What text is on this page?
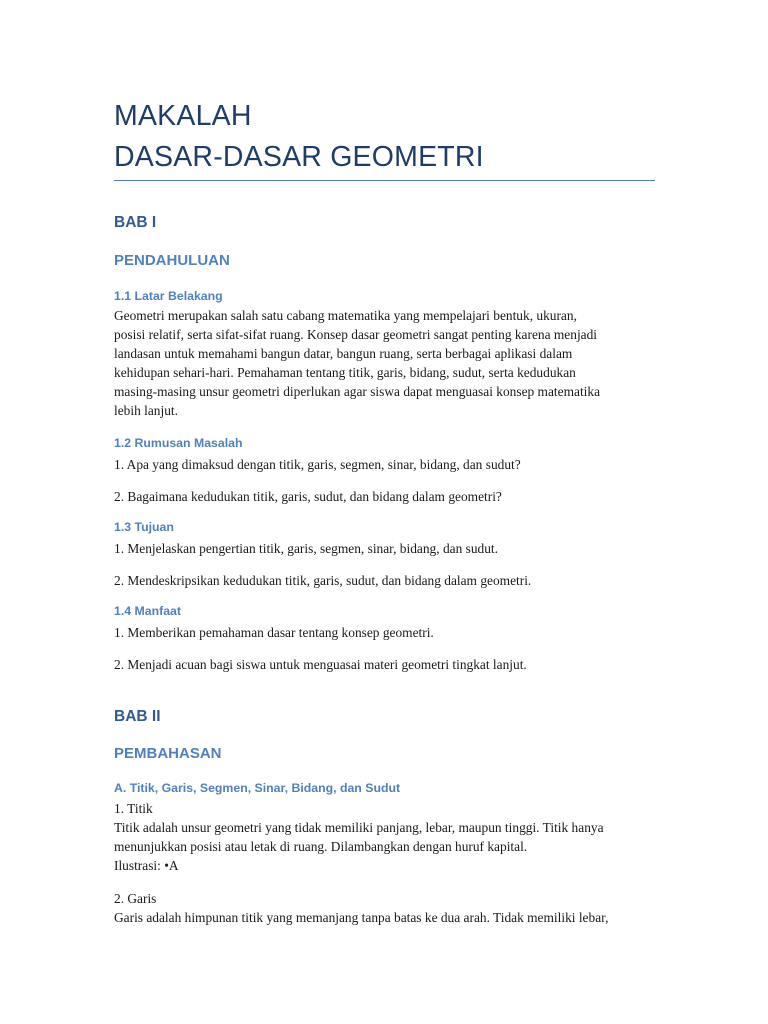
MAKALAH
DASAR-DASAR GEOMETRI
BAB I
PENDAHULUAN
1.1 Latar Belakang
Geometri merupakan salah satu cabang matematika yang mempelajari bentuk, ukuran,
posisi relatif, serta sifat-sifat ruang. Konsep dasar geometri sangat penting karena menjadi
landasan untuk memahami bangun datar, bangun ruang, serta berbagai aplikasi dalam
kehidupan sehari-hari. Pemahaman tentang titik, garis, bidang, sudut, serta kedudukan
masing-masing unsur geometri diperlukan agar siswa dapat menguasai konsep matematika
lebih lanjut.
1.2 Rumusan Masalah
1. Apa yang dimaksud dengan titik, garis, segmen, sinar, bidang, dan sudut?
2. Bagaimana kedudukan titik, garis, sudut, dan bidang dalam geometri?
1.3 Tujuan
1. Menjelaskan pengertian titik, garis, segmen, sinar, bidang, dan sudut.
2. Mendeskripsikan kedudukan titik, garis, sudut, dan bidang dalam geometri.
1.4 Manfaat
1. Memberikan pemahaman dasar tentang konsep geometri.
2. Menjadi acuan bagi siswa untuk menguasai materi geometri tingkat lanjut.
BAB II
PEMBAHASAN
A. Titik, Garis, Segmen, Sinar, Bidang, dan Sudut
1. Titik
Titik adalah unsur geometri yang tidak memiliki panjang, lebar, maupun tinggi. Titik hanya
menunjukkan posisi atau letak di ruang. Dilambangkan dengan huruf kapital.
Ilustrasi: •A
2. Garis
Garis adalah himpunan titik yang memanjang tanpa batas ke dua arah. Tidak memiliki lebar,
